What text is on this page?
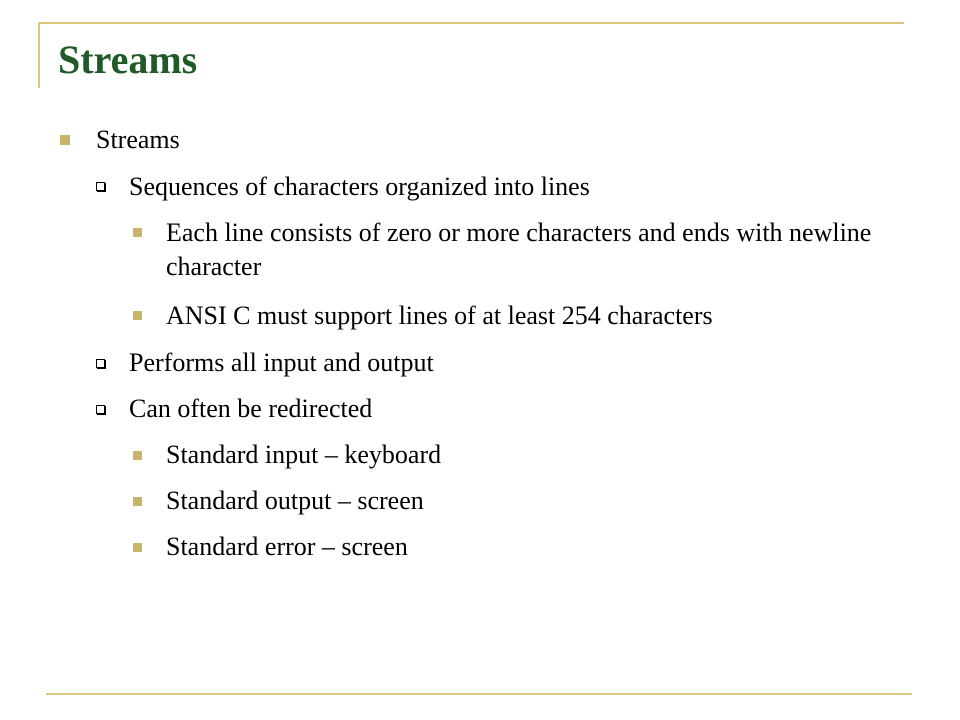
Streams
Streams
Sequences of characters organized into lines
Each line consists of zero or more characters and ends with newline character
ANSI C must support lines of at least 254 characters
Performs all input and output
Can often be redirected
Standard input – keyboard
Standard output – screen
Standard error – screen
